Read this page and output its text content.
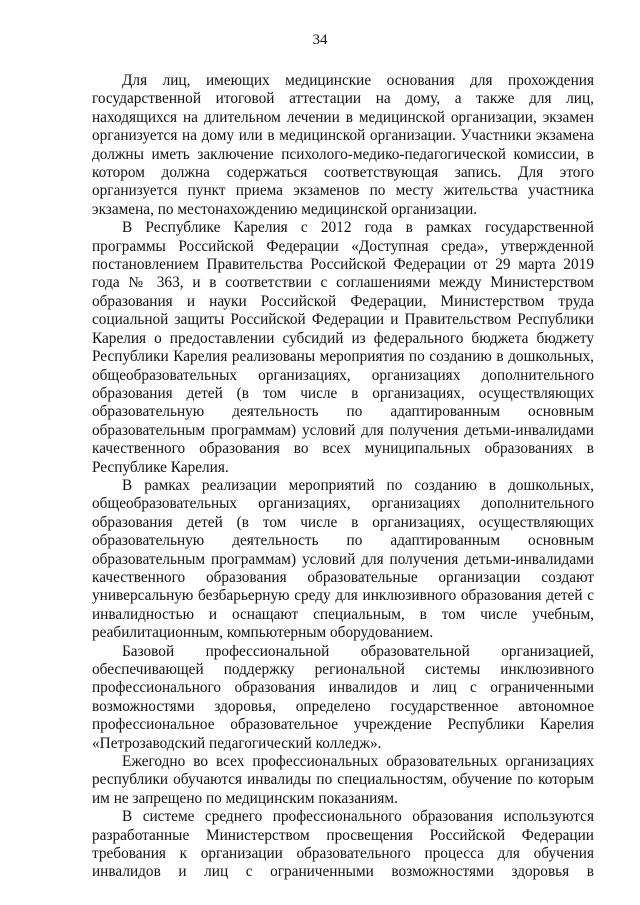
34

Для лиц, имеющих медицинские основания для прохождения государственной итоговой аттестации на дому, а также для лиц, находящихся на длительном лечении в медицинской организации, экзамен организуется на дому или в медицинской организации. Участники экзамена должны иметь заключение психолого-медико-педагогической комиссии, в котором должна содержаться соответствующая запись. Для этого организуется пункт приема экзаменов по месту жительства участника экзамена, по местонахождению медицинской организации.

В Республике Карелия с 2012 года в рамках государственной программы Российской Федерации «Доступная среда», утвержденной постановлением Правительства Российской Федерации от 29 марта 2019 года № 363, и в соответствии с соглашениями между Министерством образования и науки Российской Федерации, Министерством труда социальной защиты Российской Федерации и Правительством Республики Карелия о предоставлении субсидий из федерального бюджета бюджету Республики Карелия реализованы мероприятия по созданию в дошкольных, общеобразовательных организациях, организациях дополнительного образования детей (в том числе в организациях, осуществляющих образовательную деятельность по адаптированным основным образовательным программам) условий для получения детьми-инвалидами качественного образования во всех муниципальных образованиях в Республике Карелия.

В рамках реализации мероприятий по созданию в дошкольных, общеобразовательных организациях, организациях дополнительного образования детей (в том числе в организациях, осуществляющих образовательную деятельность по адаптированным основным образовательным программам) условий для получения детьми-инвалидами качественного образования образовательные организации создают универсальную безбарьерную среду для инклюзивного образования детей с инвалидностью и оснащают специальным, в том числе учебным, реабилитационным, компьютерным оборудованием.

Базовой профессиональной образовательной организацией, обеспечивающей поддержку региональной системы инклюзивного профессионального образования инвалидов и лиц с ограниченными возможностями здоровья, определено государственное автономное профессиональное образовательное учреждение Республики Карелия «Петрозаводский педагогический колледж».

Ежегодно во всех профессиональных образовательных организациях республики обучаются инвалиды по специальностям, обучение по которым им не запрещено по медицинским показаниям.

В системе среднего профессионального образования используются разработанные Министерством просвещения Российской Федерации требования к организации образовательного процесса для обучения инвалидов и лиц с ограниченными возможностями здоровья в
